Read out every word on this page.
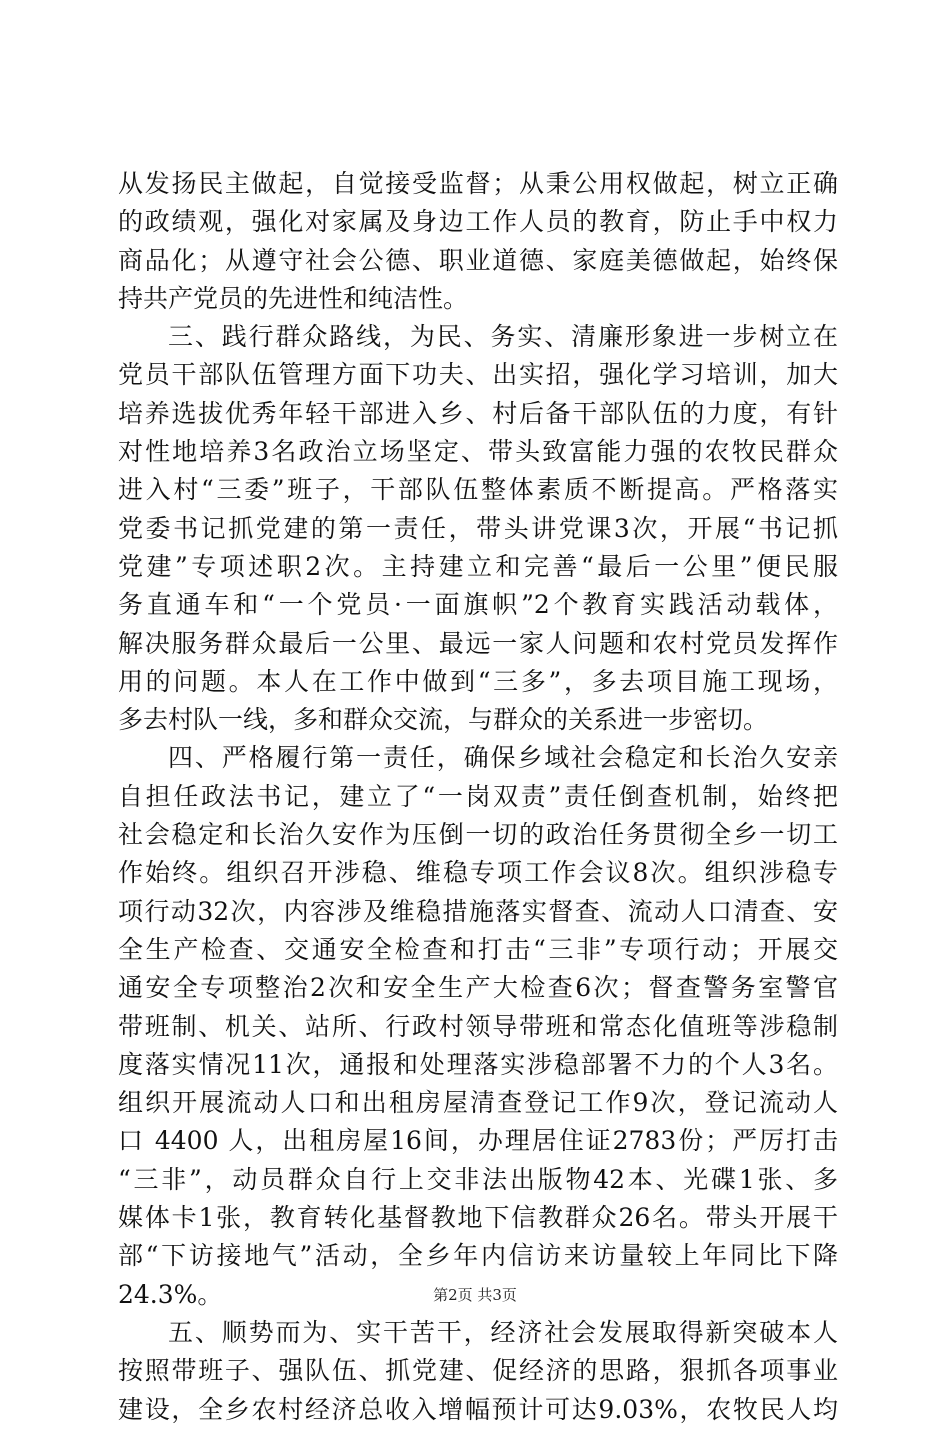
从发扬民主做起，自觉接受监督；从秉公用权做起，树立正确
的政绩观，强化对家属及身边工作人员的教育，防止手中权力
商品化；从遵守社会公德、职业道德、家庭美德做起，始终保
持共产党员的先进性和纯洁性。
三、践行群众路线，为民、务实、清廉形象进一步树立在
党员干部队伍管理方面下功夫、出实招，强化学习培训，加大
培养选拔优秀年轻干部进入乡、村后备干部队伍的力度，有针
对性地培养3名政治立场坚定、带头致富能力强的农牧民群众
进入村“三委”班子，干部队伍整体素质不断提高。严格落实
党委书记抓党建的第一责任，带头讲党课3次，开展“书记抓
党建”专项述职2次。主持建立和完善“最后一公里”便民服
务直通车和“一个党员·一面旗帜”2个教育实践活动载体，
解决服务群众最后一公里、最远一家人问题和农村党员发挥作
用的问题。本人在工作中做到“三多”，多去项目施工现场，
多去村队一线，多和群众交流，与群众的关系进一步密切。
四、严格履行第一责任，确保乡域社会稳定和长治久安亲
自担任政法书记，建立了“一岗双责”责任倒查机制，始终把
社会稳定和长治久安作为压倒一切的政治任务贯彻全乡一切工
作始终。组织召开涉稳、维稳专项工作会议8次。组织涉稳专
项行动32次，内容涉及维稳措施落实督查、流动人口清查、安
全生产检查、交通安全检查和打击“三非”专项行动；开展交
通安全专项整治2次和安全生产大检查6次；督查警务室警官
带班制、机关、站所、行政村领导带班和常态化值班等涉稳制
度落实情况11次，通报和处理落实涉稳部署不力的个人3名。
组织开展流动人口和出租房屋清查登记工作9次，登记流动人
口 4400 人，出租房屋16间，办理居住证2783份；严厉打击
“三非”，动员群众自行上交非法出版物42本、光碟1张、多
媒体卡1张，教育转化基督教地下信教群众26名。带头开展干
部“下访接地气”活动，全乡年内信访来访量较上年同比下降
24.3%。
五、顺势而为、实干苦干，经济社会发展取得新突破本人
按照带班子、强队伍、抓党建、促经济的思路，狠抓各项事业
建设，全乡农村经济总收入增幅预计可达9.03%，农牧民人均
第2页 共3页
